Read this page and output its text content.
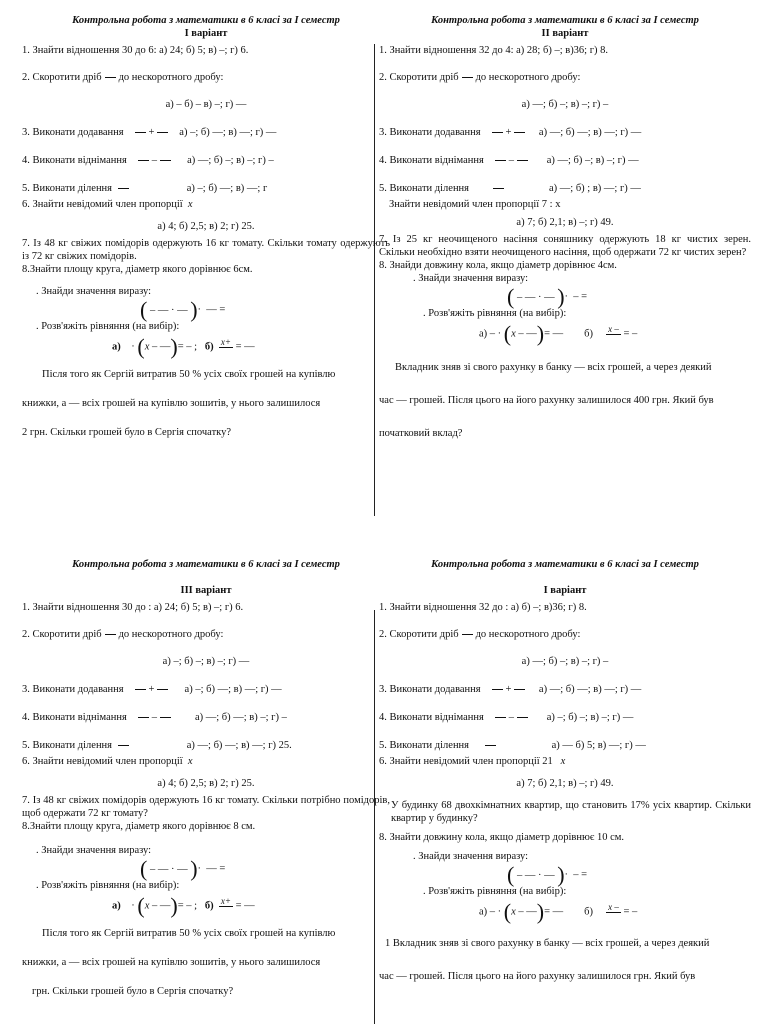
Контрольна робота з математики в 6 класі за І семестр

І варіант

1. Знайти відношення 30 до 6: а) 24; б) 5; в) –; г) 6.

2. Скоротити дріб до нескоротного дробу:

а) – б) – в) –; г) —

3. Виконати додавання + а) –; б) —; в) —; г) —

4. Виконати віднімання –	а) —; б) –; в) –; г) –

5. Виконати ділення	а) –; б) —; в) —; г

6. Знайти невідомий член пропорції x

а) 4; б) 2,5; в) 2; г) 25.

7. Із 48 кг свіжих помідорів одержують 16 кг томату. Скільки томату одержують із 72 кг свіжих помідорів.

8.Знайти площу круга, діаметр якого дорівнює 6см.

. Знайди значення виразу:

( – — · — )·  — =

. Розв'яжіть рівняння (на вибір):

а)    · (x – —)= – ;   б) x+ = —

Після того як Сергій витратив 50 % усіх своїх грошей на купівлю

книжки, а — всіх грошей на купівлю зошитів, у нього залишилося

2 грн. Скільки грошей було в Сергія спочатку?

Контрольна робота з математики в 6 класі за І семестр

ІІ варіант

1. Знайти відношення 32 до 4: а) 28; б) –; в)36; г) 8.

2. Скоротити дріб до нескоротного дробу:

а) —; б) –; в) –; г) –

3. Виконати додавання +	а) —; б) —; в) —; г) —

4. Виконати віднімання –	а) —; б) –; в) –; г) —

5. Виконати ділення	а) —; б) ; в) —; г) —

Знайти невідомий член пропорції 7 : x

а) 7; б) 2,1; в) –; г) 49.

7. Із 25 кг неочищеного насіння соняшнику одержують 18 кг чистих зерен. Скільки необхідно взяти неочищеного насіння, щоб одержати 72 кг чистих зерен?

8. Знайди довжину кола, якщо діаметр дорівнює 4см.

. Знайди значення виразу:

( – — · — )·  – =

. Розв'яжіть рівняння (на вибір):

а) – · (x – —)= —        б) x – = –

Вкладник зняв зі свого рахунку в банку — всіх грошей, а через деякий

час — грошей. Після цього на його рахунку залишилося 400 грн. Який був

початковий вклад?

Контрольна робота з математики в 6 класі за І семестр

ІІІ варіант

1. Знайти відношення 30 до : а) 24; б) 5; в) –; г) 6.

2. Скоротити дріб до нескоротного дробу:

а) –; б) –; в) –; г) —

3. Виконати додавання +	а) –; б) —; в) —; г) —

4. Виконати віднімання –	а) —; б) —; в) –; г) –

5. Виконати ділення	а) —; б) —; в) —; г) 25.

6. Знайти невідомий член пропорції x

а) 4; б) 2,5; в) 2; г) 25.

7. Із 48 кг свіжих помідорів одержують 16 кг томату. Скільки потрібно помідорів, щоб одержати 72 кг томату?

8.Знайти площу круга, діаметр якого дорівнює 8 см.

. Знайди значення виразу:

( – — · — )·  — =

. Розв'яжіть рівняння (на вибір):

а)    · (x – —)= – ;   б) x+ = —

Після того як Сергій витратив 50 % усіх своїх грошей на купівлю

книжки, а — всіх грошей на купівлю зошитів, у нього залишилося

грн. Скільки грошей було в Сергія спочатку?

Контрольна робота з математики в 6 класі за І семестр

І варіант

1. Знайти відношення 32 до : а) б) –; в)36; г) 8.

2. Скоротити дріб до нескоротного дробу:

а) —; б) –; в) –; г) –

3. Виконати додавання +	а) —; б) —; в) —; г) —

4. Виконати віднімання –	а) –; б) –; в) –; г) —

5. Виконати ділення	а) — б) 5; в) —; г) —

6. Знайти невідомий член пропорції 21 x

а) 7; б) 2,1; в) –; г) 49.

У будинку 68 двохкімнатних квартир, що становить 17% усіх квартир. Скільки квартир у будинку?

8. Знайти довжину кола, якщо діаметр дорівнює 10 см.

. Знайди значення виразу:

( – — · — )·  – =

. Розв'яжіть рівняння (на вибір):

а) – · (x – —)= —        б) x – = –

1 Вкладник зняв зі свого рахунку в банку — всіх грошей, а через деякий

час — грошей. Після цього на його рахунку залишилося грн. Який був
